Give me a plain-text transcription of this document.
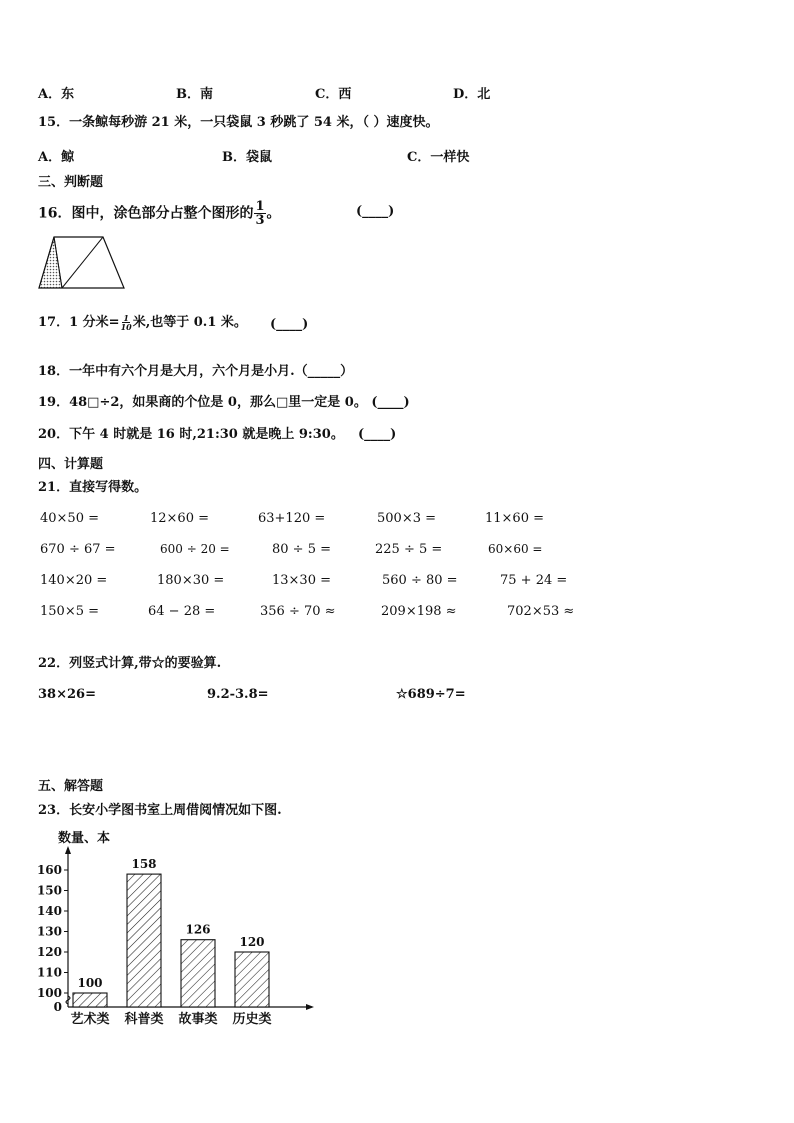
A．东	B．南	C．西	D．北
15．一条鲸每秒游 21 米，一只袋鼠 3 秒跳了 54 米，（ ）速度快。
A．鲸	B．袋鼠	C．一样快
三、判断题
16．图中，涂色部分占整个图形的 $\frac{1}{3}$ 。	(____)
17．1 分米= $\frac{1}{10}$ 米,也等于 0.1 米。 (____)
18．一年中有六个月是大月，六个月是小月.（_____）
19．48□÷2，如果商的个位是 0，那么□里一定是 0。 (____)
20．下午 4 时就是 16 时,21:30 就是晚上 9:30。 (____)
四、计算题
21．直接写得数。
40×50 =	12×60 =	63+120 =	500×3 =	11×60 =
670 ÷ 67 =	600 ÷ 20 =	80 ÷ 5 =	225 ÷ 5 =	60×60 =
140×20 =	180×30 =	13×30 =	560 ÷ 80 =	75 + 24 =
150×5 =	64 − 28 =	356 ÷ 70 ≈	209×198 ≈	702×53 ≈
22．列竖式计算,带☆的要验算.
38×26=	9.2-3.8=	☆689÷7=
五、解答题
23．长安小学图书室上周借阅情况如下图.
数量、本
0
100
110
120
130
140
150
160
100
艺术类
158
科普类
126
故事类
120
历史类
